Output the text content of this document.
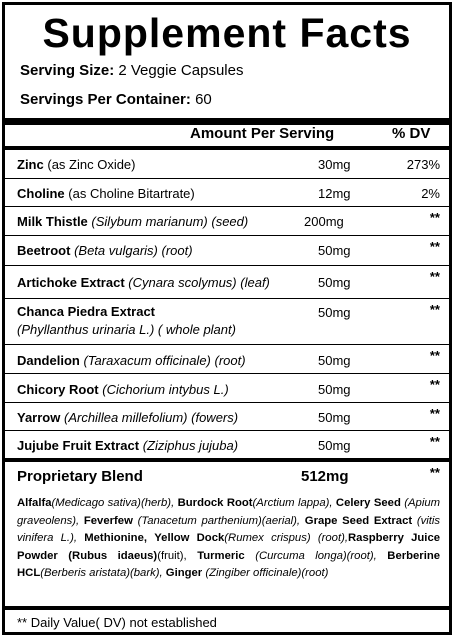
Supplement Facts
Serving Size: 2 Veggie Capsules
Servings Per Container: 60
Amount Per Serving	% DV
Zinc (as Zinc Oxide)	30mg	273%
Choline (as Choline Bitartrate)	12mg	2%
Milk Thistle (Silybum marianum) (seed)	200mg	**
Beetroot (Beta vulgaris) (root)	50mg	**
Artichoke Extract (Cynara scolymus) (leaf)	50mg	**
Chanca Piedra Extract
(Phyllanthus urinaria L.) ( whole plant)
50mg	**
Dandelion (Taraxacum officinale) (root)	50mg	**
Chicory Root (Cichorium intybus L.)	50mg	**
Yarrow (Archillea millefolium) (fowers)	50mg	**
Jujube Fruit Extract (Ziziphus jujuba)	50mg	**
Proprietary Blend	512mg	**
Alfalfa(Medicago sativa)(herb), Burdock Root(Arctium lappa), Celery Seed (Apium graveolens), Feverfew (Tanacetum parthenium)(aerial), Grape Seed Extract (vitis vinifera L.), Methionine, Yellow Dock(Rumex crispus) (root),Raspberry Juice Powder (Rubus idaeus)(fruit), Turmeric (Curcuma longa)(root), Berberine HCL(Berberis aristata)(bark), Ginger (Zingiber officinale)(root)
** Daily Value( DV) not established
